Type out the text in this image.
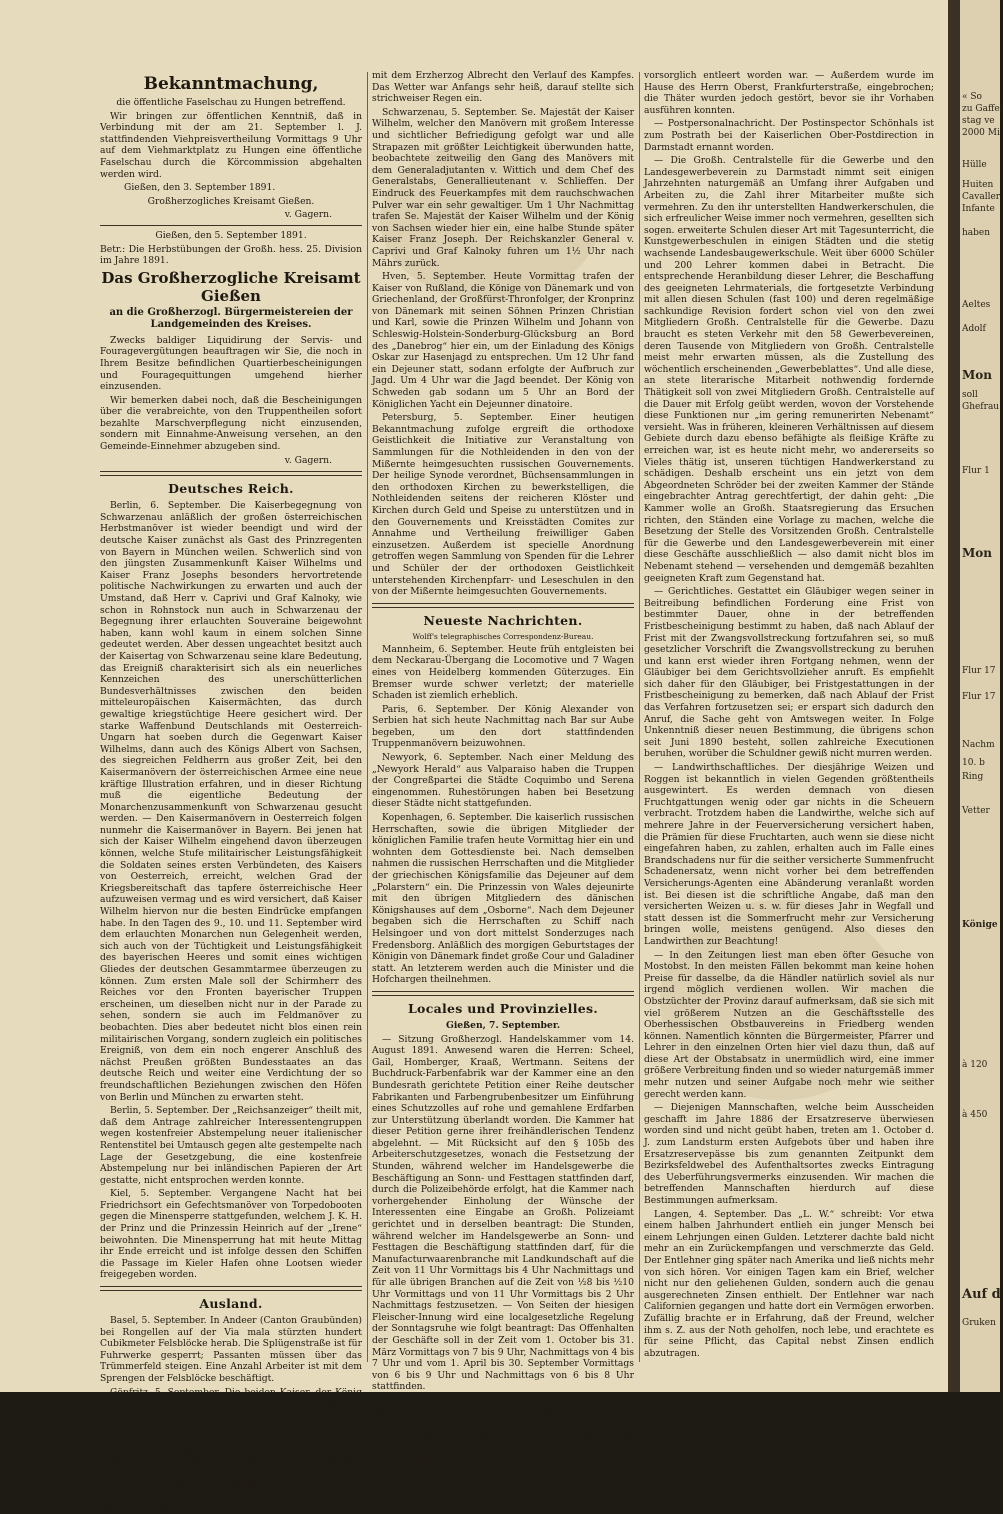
Bekanntmachung,

die öffentliche Faselschau zu Hungen betreffend.

Wir bringen zur öffentlichen Kenntniß, daß in Verbindung mit der am 21. September l. J. stattfindenden Viehpreisvertheilung Vormittags 9 Uhr auf dem Viehmarktplatz zu Hungen eine öffentliche Faselschau durch die Körcommission abgehalten werden wird.

Gießen, den 3. September 1891.

Großherzogliches Kreisamt Gießen.

v. Gagern.

Gießen, den 5. September 1891.

Betr.: Die Herbstübungen der Großh. hess. 25. Division im Jahre 1891.

Das Großherzogliche Kreisamt Gießen
an die Großherzogl. Bürgermeistereien der Landgemeinden des Kreises.

Zwecks baldiger Liquidirung der Servis- und Fouragevergütungen beauftragen wir Sie, die noch in Ihrem Besitze befindlichen Quartierbescheinigungen und Fouragequittungen umgehend hierher einzusenden.

Wir bemerken dabei noch, daß die Bescheinigungen über die verabreichte, von den Truppentheilen sofort bezahlte Marschverpflegung nicht einzusenden, sondern mit Einnahme-Anweisung versehen, an den Gemeinde-Einnehmer abzugeben sind.

v. Gagern.
Deutsches Reich.

Berlin, 6. September. Die Kaiserbegegnung von Schwarzenau anläßlich der großen österreichischen Herbstmanöver ist wieder beendigt und wird der deutsche Kaiser zunächst als Gast des Prinzregenten von Bayern in München weilen. Schwerlich sind von den jüngsten Zusammenkunft Kaiser Wilhelms und Kaiser Franz Josephs besonders hervortretende politische Nachwirkungen zu erwarten und auch der Umstand, daß Herr v. Caprivi und Graf Kalnoky, wie schon in Rohnstock nun auch in Schwarzenau der Begegnung ihrer erlauchten Souveraine beigewohnt haben, kann wohl kaum in einem solchen Sinne gedeutet werden. Aber dessen ungeachtet besitzt auch der Kaisertag von Schwarzenau seine klare Bedeutung, das Ereigniß charakterisirt sich als ein neuerliches Kennzeichen des unerschütterlichen Bundesverhältnisses zwischen den beiden mitteleuropäischen Kaisermächten, das durch gewaltige kriegstüchtige Heere gesichert wird. Der starke Waffenbund Deutschlands mit Oesterreich-Ungarn hat soeben durch die Gegenwart Kaiser Wilhelms, dann auch des Königs Albert von Sachsen, des siegreichen Feldherrn aus großer Zeit, bei den Kaisermanövern der österreichischen Armee eine neue kräftige Illustration erfahren, und in dieser Richtung muß die eigentliche Bedeutung der Monarchenzusammenkunft von Schwarzenau gesucht werden. — Den Kaisermanövern in Oesterreich folgen nunmehr die Kaisermanöver in Bayern. Bei jenen hat sich der Kaiser Wilhelm eingehend davon überzeugen können, welche Stufe militairischer Leistungsfähigkeit die Soldaten seines ersten Verbündeten, des Kaisers von Oesterreich, erreicht, welchen Grad der Kriegsbereitschaft das tapfere österreichische Heer aufzuweisen vermag und es wird versichert, daß Kaiser Wilhelm hiervon nur die besten Eindrücke empfangen habe. In den Tagen des 9., 10. und 11. September wird dem erlauchten Monarchen nun Gelegenheit werden, sich auch von der Tüchtigkeit und Leistungsfähigkeit des bayerischen Heeres und somit eines wichtigen Gliedes der deutschen Gesammtarmee überzeugen zu können. Zum ersten Male soll der Schirmherr des Reiches vor den Fronten bayerischer Truppen erscheinen, um dieselben nicht nur in der Parade zu sehen, sondern sie auch im Feldmanöver zu beobachten. Dies aber bedeutet nicht blos einen rein militairischen Vorgang, sondern zugleich ein politisches Ereigniß, von dem ein noch engerer Anschluß des nächst Preußen größten Bundesstaates an das deutsche Reich und weiter eine Verdichtung der so freundschaftlichen Beziehungen zwischen den Höfen von Berlin und München zu erwarten steht.

Berlin, 5. September. Der „Reichsanzeiger“ theilt mit, daß dem Antrage zahlreicher Interessentengruppen wegen kostenfreier Abstempelung neuer italienischer Rentenstitel bei Umtausch gegen alte gestempelte nach Lage der Gesetzgebung, die eine kostenfreie Abstempelung nur bei inländischen Papieren der Art gestatte, nicht entsprochen werden konnte.

Kiel, 5. September. Vergangene Nacht hat bei Friedrichsort ein Gefechtsmanöver von Torpedobooten gegen die Minensperre stattgefunden, welchem J. K. H. der Prinz und die Prinzessin Heinrich auf der „Irene“ beiwohnten. Die Minensperrung hat mit heute Mittag ihr Ende erreicht und ist infolge dessen den Schiffen die Passage im Kieler Hafen ohne Lootsen wieder freigegeben worden.

Ausland.

Basel, 5. September. In Andeer (Canton Graubünden) bei Rongellen auf der Via mala stürzten hundert Cubikmeter Felsblöcke herab. Die Splügenstraße ist für Fuhrwerke gesperrt; Passanten müssen über das Trümmerfeld steigen. Eine Anzahl Arbeiter ist mit dem Sprengen der Felsblöcke beschäftigt.

Göpfritz, 5. September. Die beiden Kaiser, der König von Sachsen und Prinz Georg von Sachsen trafen mit ihrem Gefolge bereits Vormittags 8 Uhr auf dem Manöverfelde ein und beobachteten von dem hochgelegenen Punkte desselben, der Baderhöhe aus, den Anmarsch der beiden Flügel. Die Centren der beiden gegeneinander operirenden Armeecorps stießen in unmittelbarer Nähe der Kaiser aufeinander. Dieselben begaben sich alsdann zu den östlichen Flügeln der Armeecorps. Kaiser Wilhelm verfolgte längere Zeit gemeinsam

mit dem Erzherzog Albrecht den Verlauf des Kampfes. Das Wetter war Anfangs sehr heiß, darauf stellte sich strichweiser Regen ein.

Schwarzenau, 5. September. Se. Majestät der Kaiser Wilhelm, welcher den Manövern mit großem Interesse und sichtlicher Befriedigung gefolgt war und alle Strapazen mit größter Leichtigkeit überwunden hatte, beobachtete zeitweilig den Gang des Manövers mit dem Generaladjutanten v. Wittich und dem Chef des Generalstabs, Generallieutenant v. Schlieffen. Der Eindruck des Feuerkampfes mit dem rauchschwachen Pulver war ein sehr gewaltiger. Um 1 Uhr Nachmittag trafen Se. Majestät der Kaiser Wilhelm und der König von Sachsen wieder hier ein, eine halbe Stunde später Kaiser Franz Joseph. Der Reichskanzler General v. Caprivi und Graf Kalnoky fuhren um 1½ Uhr nach Mährs zurück.

Hven, 5. September. Heute Vormittag trafen der Kaiser von Rußland, die Könige von Dänemark und von Griechenland, der Großfürst-Thronfolger, der Kronprinz von Dänemark mit seinen Söhnen Prinzen Christian und Karl, sowie die Prinzen Wilhelm und Johann von Schleswig-Holstein-Sonderburg-Glücksburg an Bord des „Danebrog“ hier ein, um der Einladung des Königs Oskar zur Hasenjagd zu entsprechen. Um 12 Uhr fand ein Dejeuner statt, sodann erfolgte der Aufbruch zur Jagd. Um 4 Uhr war die Jagd beendet. Der König von Schweden gab sodann um 5 Uhr an Bord der Königlichen Yacht ein Dejeunner dinatoire.

Petersburg, 5. September. Einer heutigen Bekanntmachung zufolge ergreift die orthodoxe Geistlichkeit die Initiative zur Veranstaltung von Sammlungen für die Nothleidenden in den von der Mißernte heimgesuchten russischen Gouvernements. Der heilige Synode verordnet, Büchsensammlungen in den orthodoxen Kirchen zu bewerkstelligen, die Nothleidenden seitens der reicheren Klöster und Kirchen durch Geld und Speise zu unterstützen und in den Gouvernements und Kreisstädten Comites zur Annahme und Vertheilung freiwilliger Gaben einzusetzen. Außerdem ist specielle Anordnung getroffen wegen Sammlung von Spenden für die Lehrer und Schüler der der orthodoxen Geistlichkeit unterstehenden Kirchenpfarr- und Leseschulen in den von der Mißernte heimgesuchten Gouvernements.

Neueste Nachrichten.
Wolff's telegraphisches Correspondenz-Bureau.

Mannheim, 6. September. Heute früh entgleisten bei dem Neckarau-Übergang die Locomotive und 7 Wagen eines von Heidelberg kommenden Güterzuges. Ein Bremser wurde schwer verletzt; der materielle Schaden ist ziemlich erheblich.

Paris, 6. September. Der König Alexander von Serbien hat sich heute Nachmittag nach Bar sur Aube begeben, um den dort stattfindenden Truppenmanövern beizuwohnen.

Newyork, 6. September. Nach einer Meldung des „Newyork Herald“ aus Valparaiso haben die Truppen der Congreßpartei die Städte Coquimbo und Serena eingenommen. Ruhestörungen haben bei Besetzung dieser Städte nicht stattgefunden.

Kopenhagen, 6. September. Die kaiserlich russischen Herrschaften, sowie die übrigen Mitglieder der königlichen Familie trafen heute Vormittag hier ein und wohnten dem Gottesdienste bei. Nach demselben nahmen die russischen Herrschaften und die Mitglieder der griechischen Königsfamilie das Dejeuner auf dem „Polarstern“ ein. Die Prinzessin von Wales dejeunirte mit den übrigen Mitgliedern des dänischen Königshauses auf dem „Osborne“. Nach dem Dejeuner begaben sich die Herrschaften zu Schiff nach Helsingoer und von dort mittelst Sonderzuges nach Fredensborg. Anläßlich des morgigen Geburtstages der Königin von Dänemark findet große Cour und Galadiner statt. An letzterem werden auch die Minister und die Hofchargen theilnehmen.

Locales und Provinzielles.

Gießen, 7. September.

— Sitzung Großherzogl. Handelskammer vom 14. August 1891. Anwesend waren die Herren: Scheel, Gail, Homberger, Kraaß, Wertmann. Seitens der Buchdruck-Farbenfabrik war der Kammer eine an den Bundesrath gerichtete Petition einer Reihe deutscher Fabrikanten und Farbengrubenbesitzer um Einführung eines Schutzzolles auf rohe und gemahlene Erdfarben zur Unterstützung überlandt worden. Die Kammer hat dieser Petition gerne ihrer freihändlerischen Tendenz abgelehnt. — Mit Rücksicht auf den § 105b des Arbeiterschutzgesetzes, wonach die Festsetzung der Stunden, während welcher im Handelsgewerbe die Beschäftigung an Sonn- und Festtagen stattfinden darf, durch die Polizeibehörde erfolgt, hat die Kammer nach vorhergehender Einholung der Wünsche der Interessenten eine Eingabe an Großh. Polizeiamt gerichtet und in derselben beantragt: Die Stunden, während welcher im Handelsgewerbe an Sonn- und Festtagen die Beschäftigung stattfinden darf, für die Manufacturwaarenbranche mit Landkundschaft auf die Zeit von 11 Uhr Vormittags bis 4 Uhr Nachmittags und für alle übrigen Branchen auf die Zeit von ½8 bis ½10 Uhr Vormittags und von 11 Uhr Vormittags bis 2 Uhr Nachmittags festzusetzen. — Von Seiten der hiesigen Fleischer-Innung wird eine localgesetzliche Regelung der Sonntagsruhe wie folgt beantragt: Das Offenhalten der Geschäfte soll in der Zeit vom 1. October bis 31. März Vormittags von 7 bis 9 Uhr, Nachmittags von 4 bis 7 Uhr und vom 1. April bis 30. September Vormittags von 6 bis 9 Uhr und Nachmittags von 6 bis 8 Uhr stattfinden.

— Einbrüche. Heute Nacht wurde in einer Restauration der Liebigstraße eingebrochen und verschiedene Eß- und Trinkwaaren entwendet; an Geld fiel den Einbrechern der Inhalt der Sammelkasse für Schiffbrüchige in die Hände; wogegen die erbrochene Wirthschaftskasse bereits vom Besitzer

vorsorglich entleert worden war. — Außerdem wurde im Hause des Herrn Oberst, Frankfurterstraße, eingebrochen; die Thäter wurden jedoch gestört, bevor sie ihr Vorhaben ausführen konnten.

— Postpersonalnachricht. Der Postinspector Schönhals ist zum Postrath bei der Kaiserlichen Ober-Postdirection in Darmstadt ernannt worden.

— Die Großh. Centralstelle für die Gewerbe und den Landesgewerbeverein zu Darmstadt nimmt seit einigen Jahrzehnten naturgemäß an Umfang ihrer Aufgaben und Arbeiten zu, die Zahl ihrer Mitarbeiter mußte sich vermehren. Zu den ihr unterstellten Handwerkerschulen, die sich erfreulicher Weise immer noch vermehren, gesellten sich sogen. erweiterte Schulen dieser Art mit Tagesunterricht, die Kunstgewerbeschulen in einigen Städten und die stetig wachsende Landesbaugewerkschule. Weit über 6000 Schüler und 200 Lehrer kommen dabei in Betracht. Die entsprechende Heranbildung dieser Lehrer, die Beschaffung des geeigneten Lehrmaterials, die fortgesetzte Verbindung mit allen diesen Schulen (fast 100) und deren regelmäßige sachkundige Revision fordert schon viel von den zwei Mitgliedern Großh. Centralstelle für die Gewerbe. Dazu braucht es steten Verkehr mit den 58 Gewerbevereinen, deren Tausende von Mitgliedern von Großh. Centralstelle meist mehr erwarten müssen, als die Zustellung des wöchentlich erscheinenden „Gewerbeblattes“. Und alle diese, an stete literarische Mitarbeit nothwendig fordernde Thätigkeit soll von zwei Mitgliedern Großh. Centralstelle auf die Dauer mit Erfolg geübt werden, wovon der Vorstehende diese Funktionen nur „im gering remunerirten Nebenamt“ versieht. Was in früheren, kleineren Verhältnissen auf diesem Gebiete durch dazu ebenso befähigte als fleißige Kräfte zu erreichen war, ist es heute nicht mehr, wo andererseits so Vieles thätig ist, unseren tüchtigen Handwerkerstand zu schädigen. Deshalb erscheint uns ein jetzt von dem Abgeordneten Schröder bei der zweiten Kammer der Stände eingebrachter Antrag gerechtfertigt, der dahin geht: „Die Kammer wolle an Großh. Staatsregierung das Ersuchen richten, den Ständen eine Vorlage zu machen, welche die Besetzung der Stelle des Vorsitzenden Großh. Centralstelle für die Gewerbe und den Landesgewerbeverein mit einer diese Geschäfte ausschließlich — also damit nicht blos im Nebenamt stehend — versehenden und demgemäß bezahlten geeigneten Kraft zum Gegenstand hat.

— Gerichtliches. Gestattet ein Gläubiger wegen seiner in Beitreibung befindlichen Forderung eine Frist von bestimmter Dauer, ohne in der betreffenden Fristbescheinigung bestimmt zu haben, daß nach Ablauf der Frist mit der Zwangsvollstreckung fortzufahren sei, so muß gesetzlicher Vorschrift die Zwangsvollstreckung zu beruhen und kann erst wieder ihren Fortgang nehmen, wenn der Gläubiger bei dem Gerichtsvollzieher anruft. Es empfiehlt sich daher für den Gläubiger, bei Fristgestattungen in der Fristbescheinigung zu bemerken, daß nach Ablauf der Frist das Verfahren fortzusetzen sei; er erspart sich dadurch den Anruf, die Sache geht von Amtswegen weiter. In Folge Unkenntniß dieser neuen Bestimmung, die übrigens schon seit Juni 1890 besteht, sollen zahlreiche Executionen beruhen, worüber die Schuldner gewiß nicht murren werden.

— Landwirthschaftliches. Der diesjährige Weizen und Roggen ist bekanntlich in vielen Gegenden größtentheils ausgewintert. Es werden demnach von diesen Fruchtgattungen wenig oder gar nichts in die Scheuern verbracht. Trotzdem haben die Landwirthe, welche sich auf mehrere Jahre in der Feuerversicherung versichert haben, die Prämien für diese Fruchtarten, auch wenn sie diese nicht eingefahren haben, zu zahlen, erhalten auch im Falle eines Brandschadens nur für die seither versicherte Summenfrucht Schadenersatz, wenn nicht vorher bei dem betreffenden Versicherungs-Agenten eine Abänderung veranlaßt worden ist. Bei diesen ist die schriftliche Angabe, daß man den versicherten Weizen u. s. w. für dieses Jahr in Wegfall und statt dessen ist die Sommerfrucht mehr zur Versicherung bringen wolle, meistens genügend. Also dieses den Landwirthen zur Beachtung!

— In den Zeitungen liest man eben öfter Gesuche von Mostobst. In den meisten Fällen bekommt man keine hohen Preise für dasselbe, da die Händler natürlich soviel als nur irgend möglich verdienen wollen. Wir machen die Obstzüchter der Provinz darauf aufmerksam, daß sie sich mit viel größerem Nutzen an die Geschäftsstelle des Oberhessischen Obstbauvereins in Friedberg wenden können. Namentlich könnten die Bürgermeister, Pfarrer und Lehrer in den einzelnen Orten hier viel dazu thun, daß auf diese Art der Obstabsatz in unermüdlich wird, eine immer größere Verbreitung finden und so wieder naturgemäß immer mehr nutzen und seiner Aufgabe noch mehr wie seither gerecht werden kann.

— Diejenigen Mannschaften, welche beim Ausscheiden geschafft im Jahre 1886 der Ersatzreserve überwiesen worden sind und nicht geübt haben, treten am 1. October d. J. zum Landsturm ersten Aufgebots über und haben ihre Ersatzreservepässe bis zum genannten Zeitpunkt dem Bezirksfeldwebel des Aufenthaltsortes zwecks Eintragung des Ueberführungsvermerks einzusenden. Wir machen die betreffenden Mannschaften hierdurch auf diese Bestimmungen aufmerksam.

Langen, 4. September. Das „L. W.“ schreibt: Vor etwa einem halben Jahrhundert entlieh ein junger Mensch bei einem Lehrjungen einen Gulden. Letzterer dachte bald nicht mehr an ein Zurückempfangen und verschmerzte das Geld. Der Entlehner ging später nach Amerika und ließ nichts mehr von sich hören. Vor einigen Tagen kam ein Brief, welcher nicht nur den geliehenen Gulden, sondern auch die genau ausgerechneten Zinsen enthielt. Der Entlehner war nach Californien gegangen und hatte dort ein Vermögen erworben. Zufällig brachte er in Erfahrung, daß der Freund, welcher ihm s. Z. aus der Noth geholfen, noch lebe, und erachtete es für seine Pflicht, das Capital nebst Zinsen endlich abzutragen.

« So
zu Gaffel
stag ve
2000 Mi
Hülle
Huiten
Cavaller
Infante
haben
Aeltes
Adolf
Mon
soll
Ghefrau
Flur 1
Mon
Flur 17
Flur 17
Nachm
10. b
Ring
Vetter
Könige
à 120
à 450
Auf d
Gruken
